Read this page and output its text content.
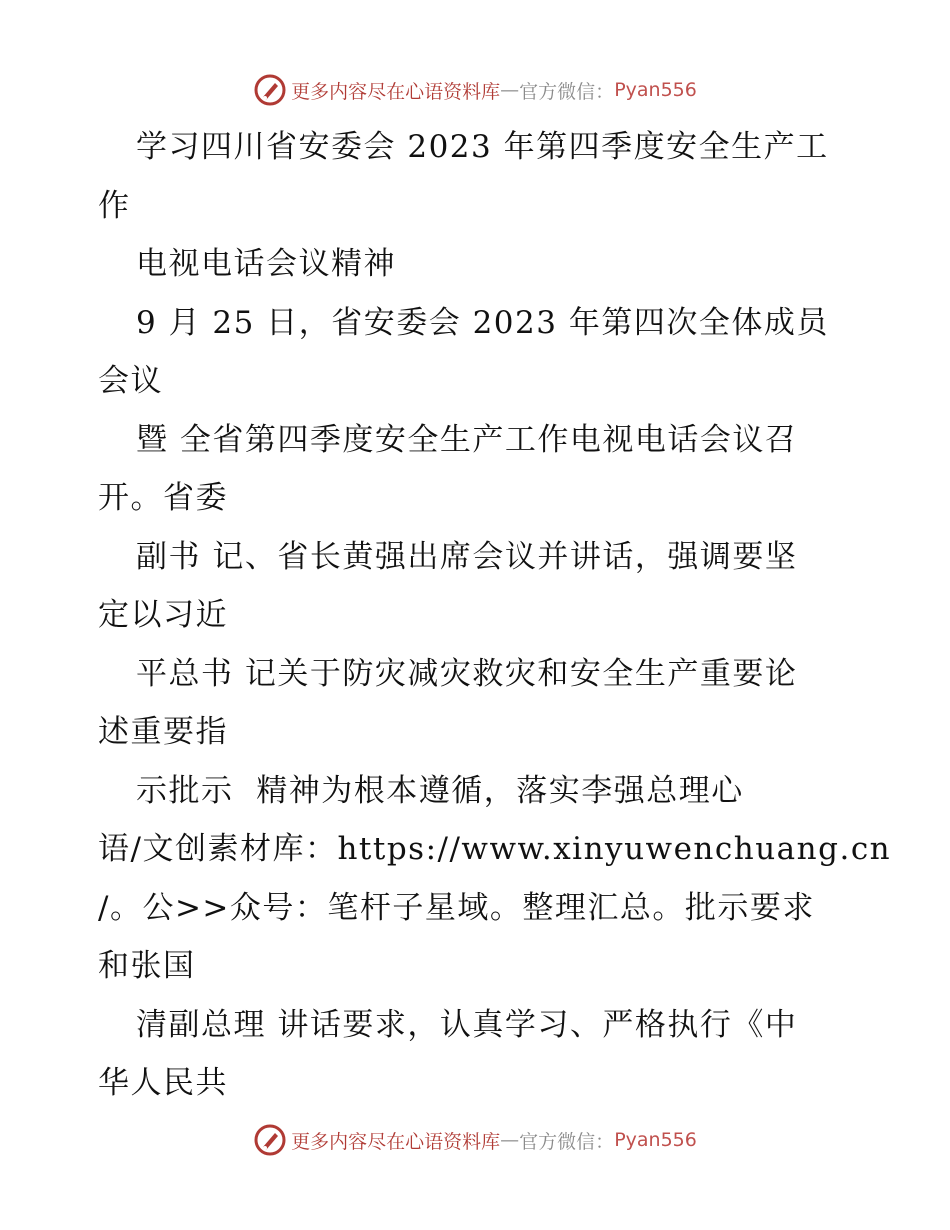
更多内容尽在心语资料库 — 官方微信： Pyan556
学习四川省安委会 2023 年第四季度安全生产工
作
电视电话会议精神
9 月 25 日，省安委会 2023 年第四次全体成员
会议
暨 全省第四季度安全生产工作电视电话会议召
开。省委
副书 记、省长黄强出席会议并讲话，强调要坚
定以习近
平总书 记关于防灾减灾救灾和安全生产重要论
述重要指
示批示  精神为根本遵循，落实李强总理心
语/文创素材库：https://www.xinyuwenchuang.cn
/。公>>众号：笔杆子星域。整理汇总。批示要求
和张国
清副总理 讲话要求，认真学习、严格执行《中
华人民共
更多内容尽在心语资料库 — 官方微信： Pyan556
